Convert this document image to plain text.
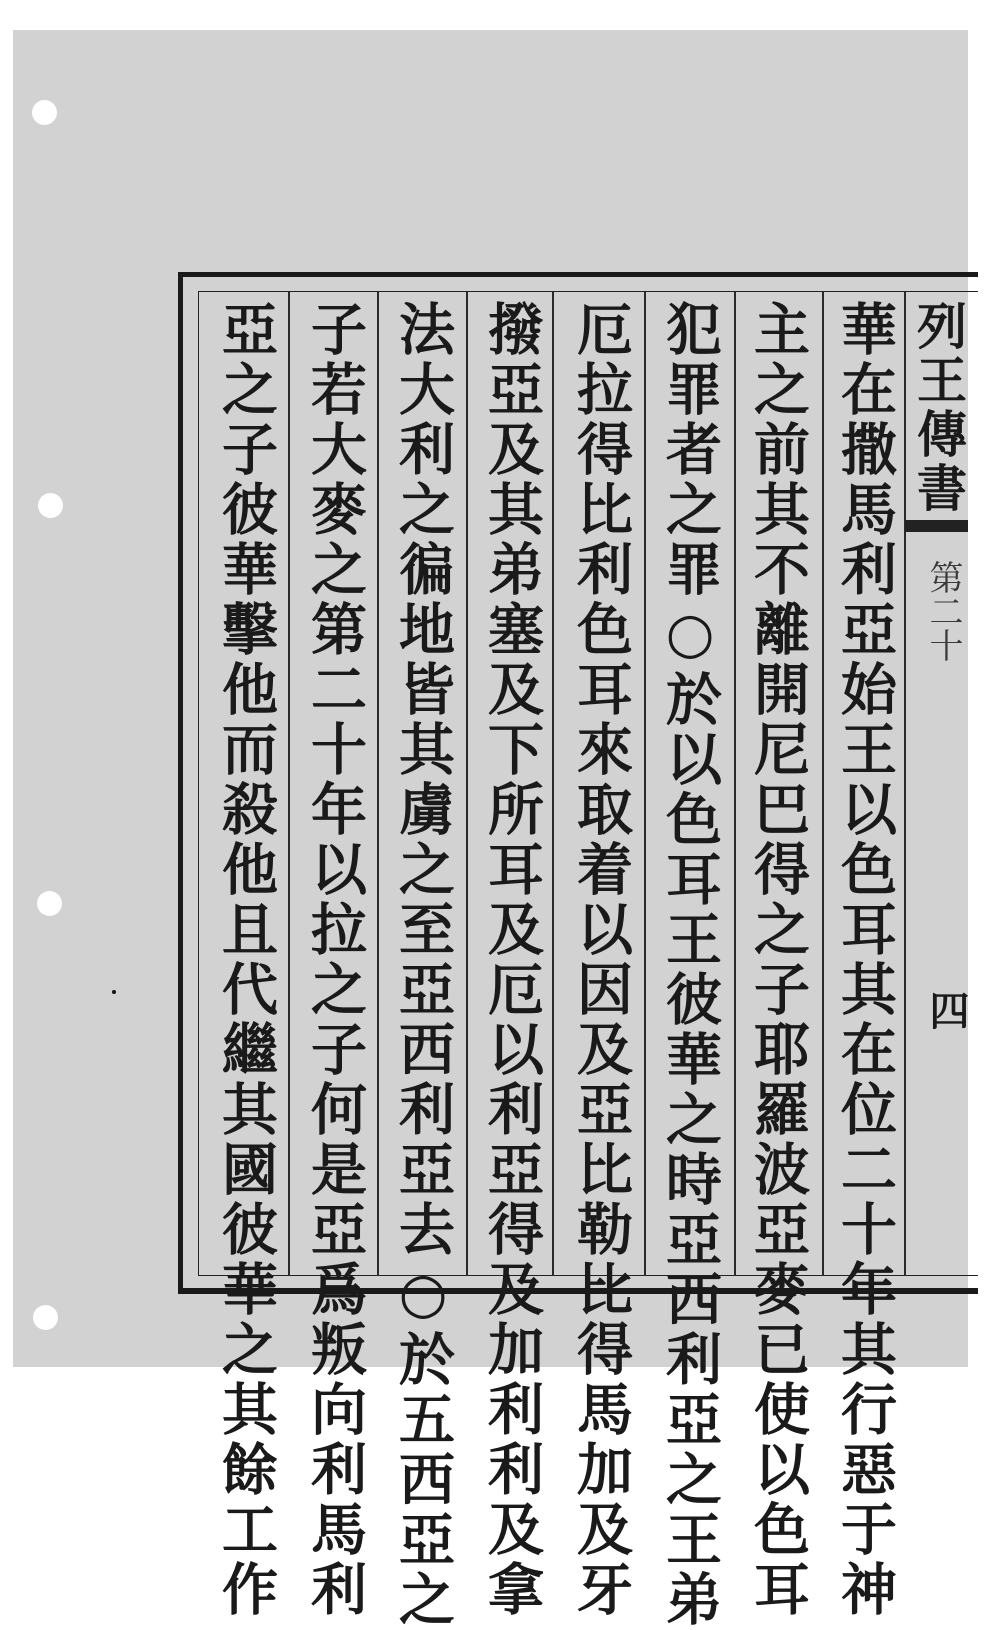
列王傳書
第二十
四
華在撒馬利亞始王以色耳其在位二十年其行惡于神
主之前其不離開尼巴得之子耶羅波亞麥已使以色耳
犯罪者之罪○於以色耳王彼華之時亞西利亞之王弟
厄拉得比利色耳來取着以因及亞比勒比得馬加及牙
撥亞及其弟塞及下所耳及厄以利亞得及加利利及拿
法大利之徧地皆其虜之至亞西利亞去○於五西亞之
子若大麥之第二十年以拉之子何是亞爲叛向利馬利
亞之子彼華擊他而殺他且代繼其國彼華之其餘工作
